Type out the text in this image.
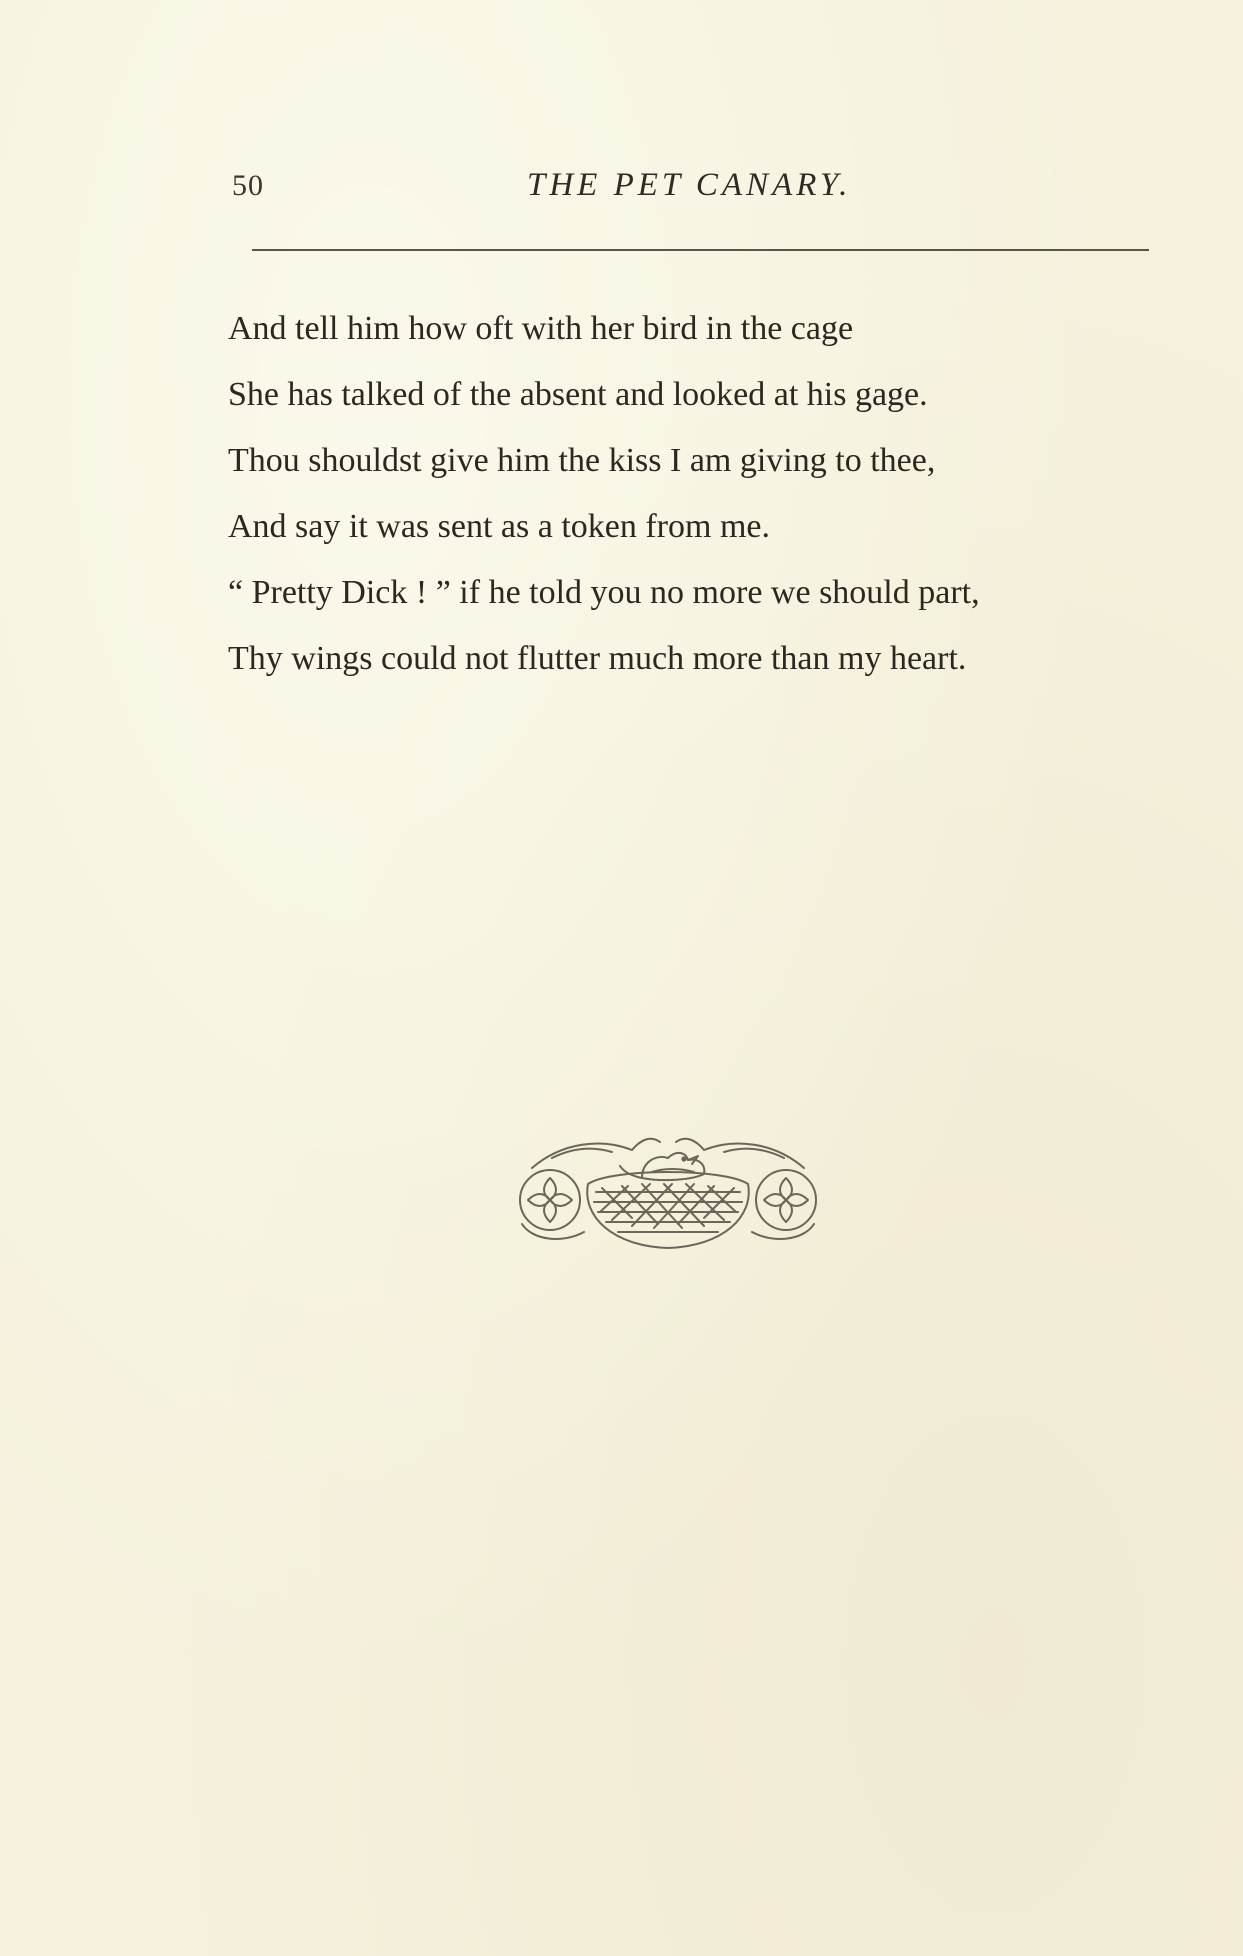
50	THE PET CANARY.
And tell him how oft with her bird in the cage
She has talked of the absent and looked at his gage.
Thou shouldst give him the kiss I am giving to thee,
And say it was sent as a token from me.
“ Pretty Dick ! ” if he told you no more we should part,
Thy wings could not flutter much more than my heart.
